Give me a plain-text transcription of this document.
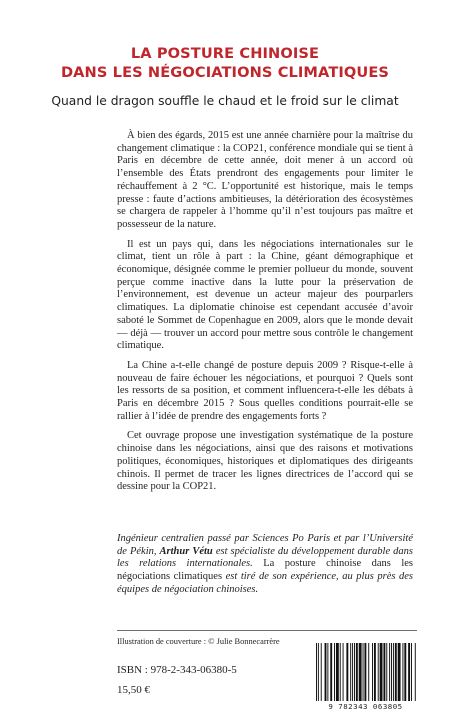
LA POSTURE CHINOISE
DANS LES NÉGOCIATIONS CLIMATIQUES
Quand le dragon souffle le chaud et le froid sur le climat

À bien des égards, 2015 est une année charnière pour la maîtrise du changement climatique : la COP21, conférence mondiale qui se tient à Paris en décembre de cette année, doit mener à un accord où l’ensemble des États prendront des engagements pour limiter le réchauffement à 2 °C. L’opportunité est historique, mais le temps presse : faute d’actions ambitieuses, la détérioration des écosystèmes se chargera de rappeler à l’homme qu’il n’est toujours pas maître et possesseur de la nature.

Il est un pays qui, dans les négociations internationales sur le climat, tient un rôle à part : la Chine, géant démographique et économique, désignée comme le premier pollueur du monde, souvent perçue comme inactive dans la lutte pour la préservation de l’environnement, est devenue un acteur majeur des pourparlers climatiques. La diplomatie chinoise est cependant accusée d’avoir saboté le Sommet de Copenhague en 2009, alors que le monde devait — déjà — trouver un accord pour mettre sous contrôle le changement climatique.

La Chine a-t-elle changé de posture depuis 2009 ? Risque-t-elle à nouveau de faire échouer les négociations, et pourquoi ? Quels sont les ressorts de sa position, et comment influencera-t-elle les débats à Paris en décembre 2015 ? Sous quelles conditions pourrait-elle se rallier à l’idée de prendre des engagements forts ?

Cet ouvrage propose une investigation systématique de la posture chinoise dans les négociations, ainsi que des raisons et motivations politiques, économiques, historiques et diplomatiques des dirigeants chinois. Il permet de tracer les lignes directrices de l’accord qui se dessine pour la COP21.

Ingénieur centralien passé par Sciences Po Paris et par l’Université de Pékin, Arthur Vétu est spécialiste du développement durable dans les relations internationales. La posture chinoise dans les négociations climatiques est tiré de son expérience, au plus près des équipes de négociation chinoises.

Illustration de couverture : © Julie Bonnecarrère
ISBN : 978-2-343-06380-5
15,50 €
9 782343 063805
